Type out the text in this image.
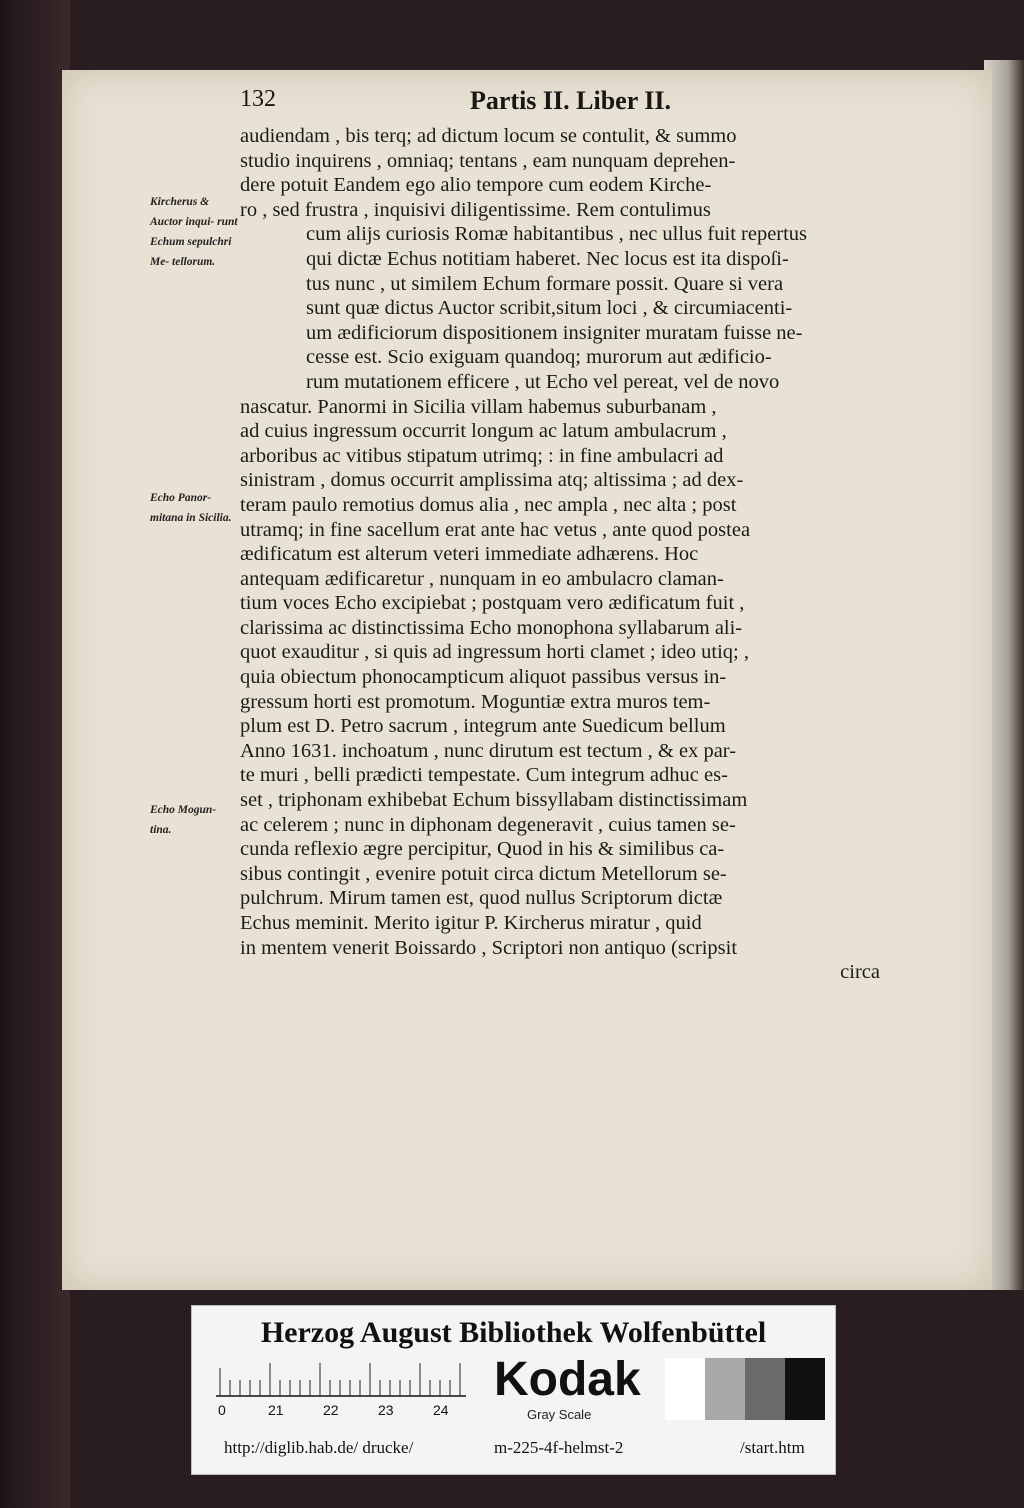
132	Partis II. Liber II.
Kircherus & Auctor inqui- runt Echum sepulchri Me- tellorum.
Echo Panor- mitana in Sicilia.
Echo Mogun- tina.
audiendam , bis terq; ad dictum locum se contulit, & summo
studio inquirens , omniaq; tentans , eam nunquam deprehen-
dere potuit Eandem ego alio tempore cum eodem Kirche-
ro , sed frustra , inquisivi diligentissime. Rem contulimus
cum alijs curiosis Romæ habitantibus , nec ullus fuit repertus
qui dictæ Echus notitiam haberet. Nec locus est ita dispoſi-
tus nunc , ut similem Echum formare possit. Quare si vera
sunt quæ dictus Auctor scribit,situm loci , & circumiacenti-
um ædificiorum dispositionem insigniter muratam fuisse ne-
cesse est. Scio exiguam quandoq; murorum aut ædificio-
rum mutationem efficere , ut Echo vel pereat, vel de novo
nascatur. Panormi in Sicilia villam habemus suburbanam ,
ad cuius ingressum occurrit longum ac latum ambulacrum ,
arboribus ac vitibus stipatum utrimq; : in fine ambulacri ad
sinistram , domus occurrit amplissima atq; altissima ; ad dex-
teram paulo remotius domus alia , nec ampla , nec alta ; post
utramq; in fine sacellum erat ante hac vetus , ante quod postea
ædificatum est alterum veteri immediate adhærens. Hoc
antequam ædificaretur , nunquam in eo ambulacro claman-
tium voces Echo excipiebat ; postquam vero ædificatum fuit ,
clarissima ac distinctissima Echo monophona syllabarum ali-
quot exauditur , si quis ad ingressum horti clamet ; ideo utiq; ,
quia obiectum phonocampticum aliquot passibus versus in-
gressum horti est promotum. Moguntiæ extra muros tem-
plum est D. Petro sacrum , integrum ante Suedicum bellum
Anno 1631. inchoatum , nunc dirutum est tectum , & ex par-
te muri , belli prædicti tempestate. Cum integrum adhuc es-
set , triphonam exhibebat Echum bissyllabam distinctissimam
ac celerem ; nunc in diphonam degeneravit , cuius tamen se-
cunda reflexio ægre percipitur, Quod in his & similibus ca-
sibus contingit , evenire potuit circa dictum Metellorum se-
pulchrum. Mirum tamen est, quod nullus Scriptorum dictæ
Echus meminit. Merito igitur P. Kircherus miratur , quid
in mentem venerit Boissardo , Scriptori non antiquo (scripsit
circa
Herzog August Bibliothek Wolfenbüttel
0	21	22	23	24
Kodak
Gray Scale
http://diglib.hab.de/ drucke/	m-225-4f-helmst-2	/start.htm
